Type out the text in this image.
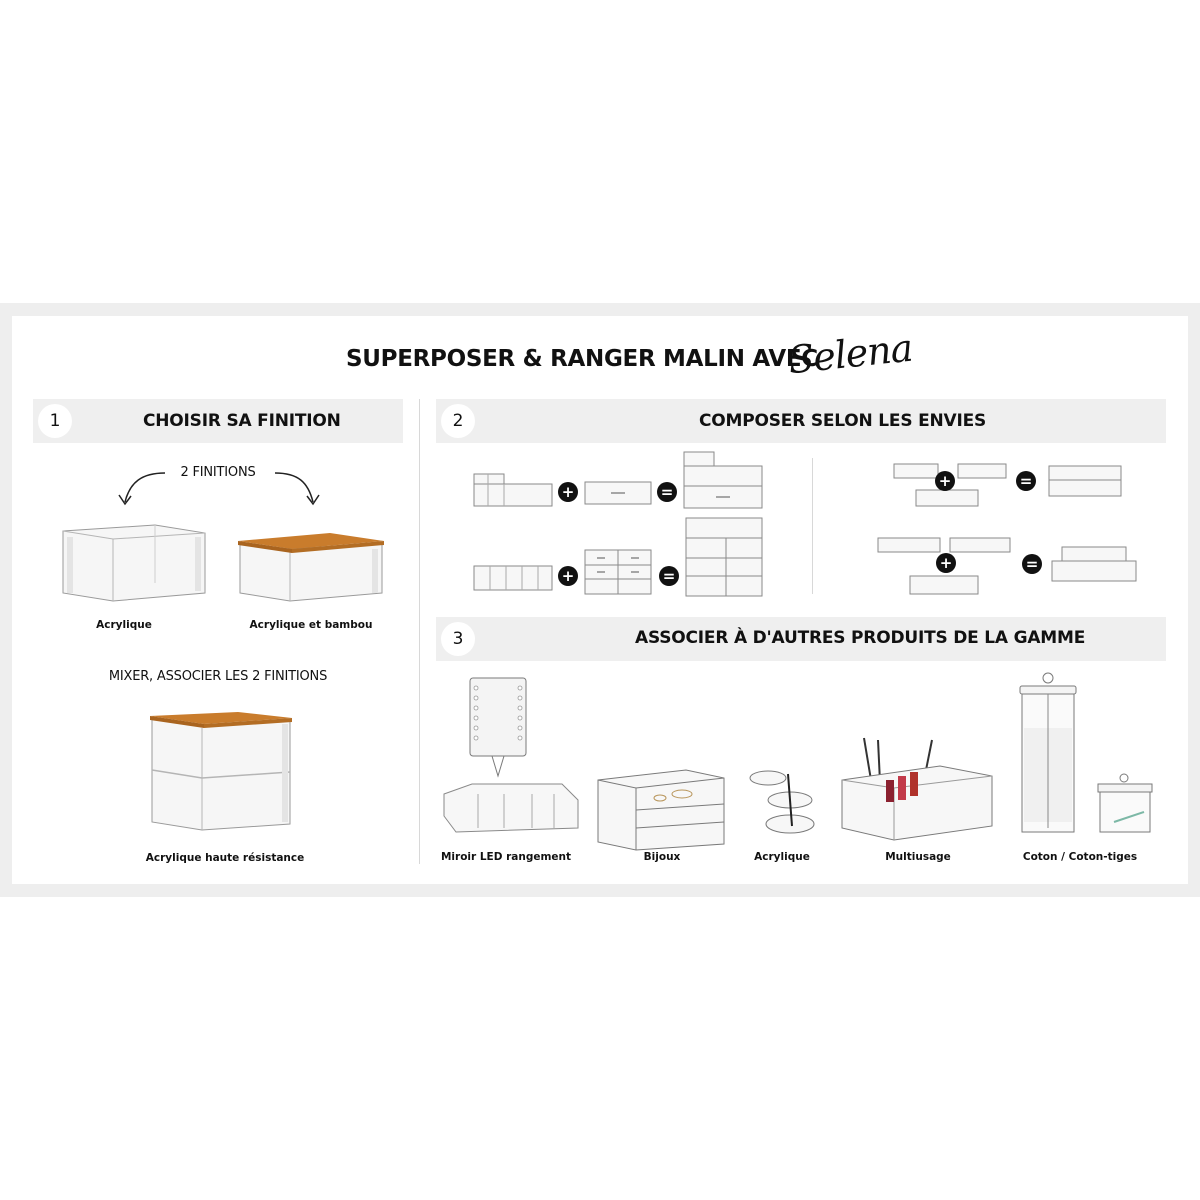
SUPERPOSER & RANGER MALIN AVEC
Selena
1	CHOISIR SA FINITION
2 FINITIONS
Acrylique	Acrylique et bambou
MIXER, ASSOCIER LES 2 FINITIONS
Acrylique haute résistance
2	COMPOSER SELON LES ENVIES
+	=
+	=
+	=
+	=
3	ASSOCIER À D'AUTRES PRODUITS DE LA GAMME
Miroir LED rangement	Bijoux	Acrylique	Multiusage	Coton / Coton-tiges
